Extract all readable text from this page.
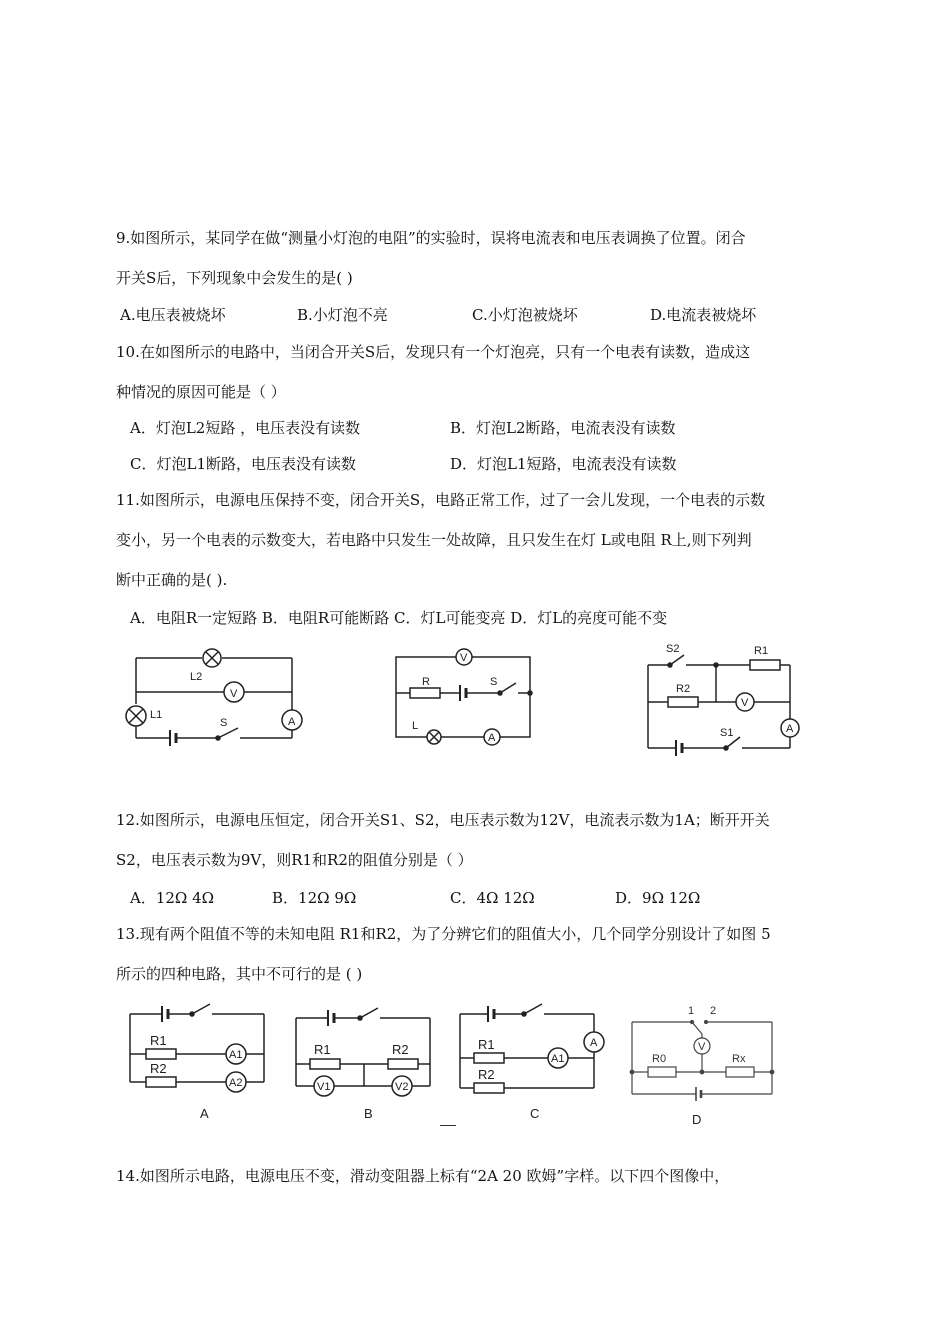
9.如图所示，某同学在做“测量小灯泡的电阻”的实验时，误将电流表和电压表调换了位置。闭合
开关S后，下列现象中会发生的是( )
A.电压表被烧坏	B.小灯泡不亮	C.小灯泡被烧坏	D.电流表被烧坏
10.在如图所示的电路中，当闭合开关S后，发现只有一个灯泡亮，只有一个电表有读数，造成这
种情况的原因可能是（ ）
A．灯泡L2短路 ，电压表没有读数	B．灯泡L2断路，电流表没有读数
C．灯泡L1断路，电压表没有读数	D．灯泡L1短路，电流表没有读数
11.如图所示，电源电压保持不变，闭合开关S，电路正常工作，过了一会儿发现，一个电表的示数
变小，另一个电表的示数变大，若电路中只发生一处故障，且只发生在灯 L或电阻 R上,则下列判
断中正确的是( ).
A．电阻R一定短路 B．电阻R可能断路 C．灯L可能变亮 D．灯L的亮度可能不变
L2
V
L1
A
S
V
R	S
L
A
S2	R1
R2
V
A
S1
12.如图所示，电源电压恒定，闭合开关S1、S2，电压表示数为12V，电流表示数为1A；断开开关
S2，电压表示数为9V，则R1和R2的阻值分别是（ ）
A．12Ω 4Ω	B．12Ω 9Ω	C．4Ω 12Ω	D．9Ω 12Ω
13.现有两个阻值不等的未知电阻 R1和R2，为了分辨它们的阻值大小，几个同学分别设计了如图 5
所示的四种电路，其中不可行的是 ( )
R1
R2
A1
A2
A
R1	R2
V1	V2
B
R1
R2
A1
A
C
1 2
V
R0	Rx
D
14.如图所示电路，电源电压不变，滑动变阻器上标有“2A 20 欧姆”字样。以下四个图像中，
